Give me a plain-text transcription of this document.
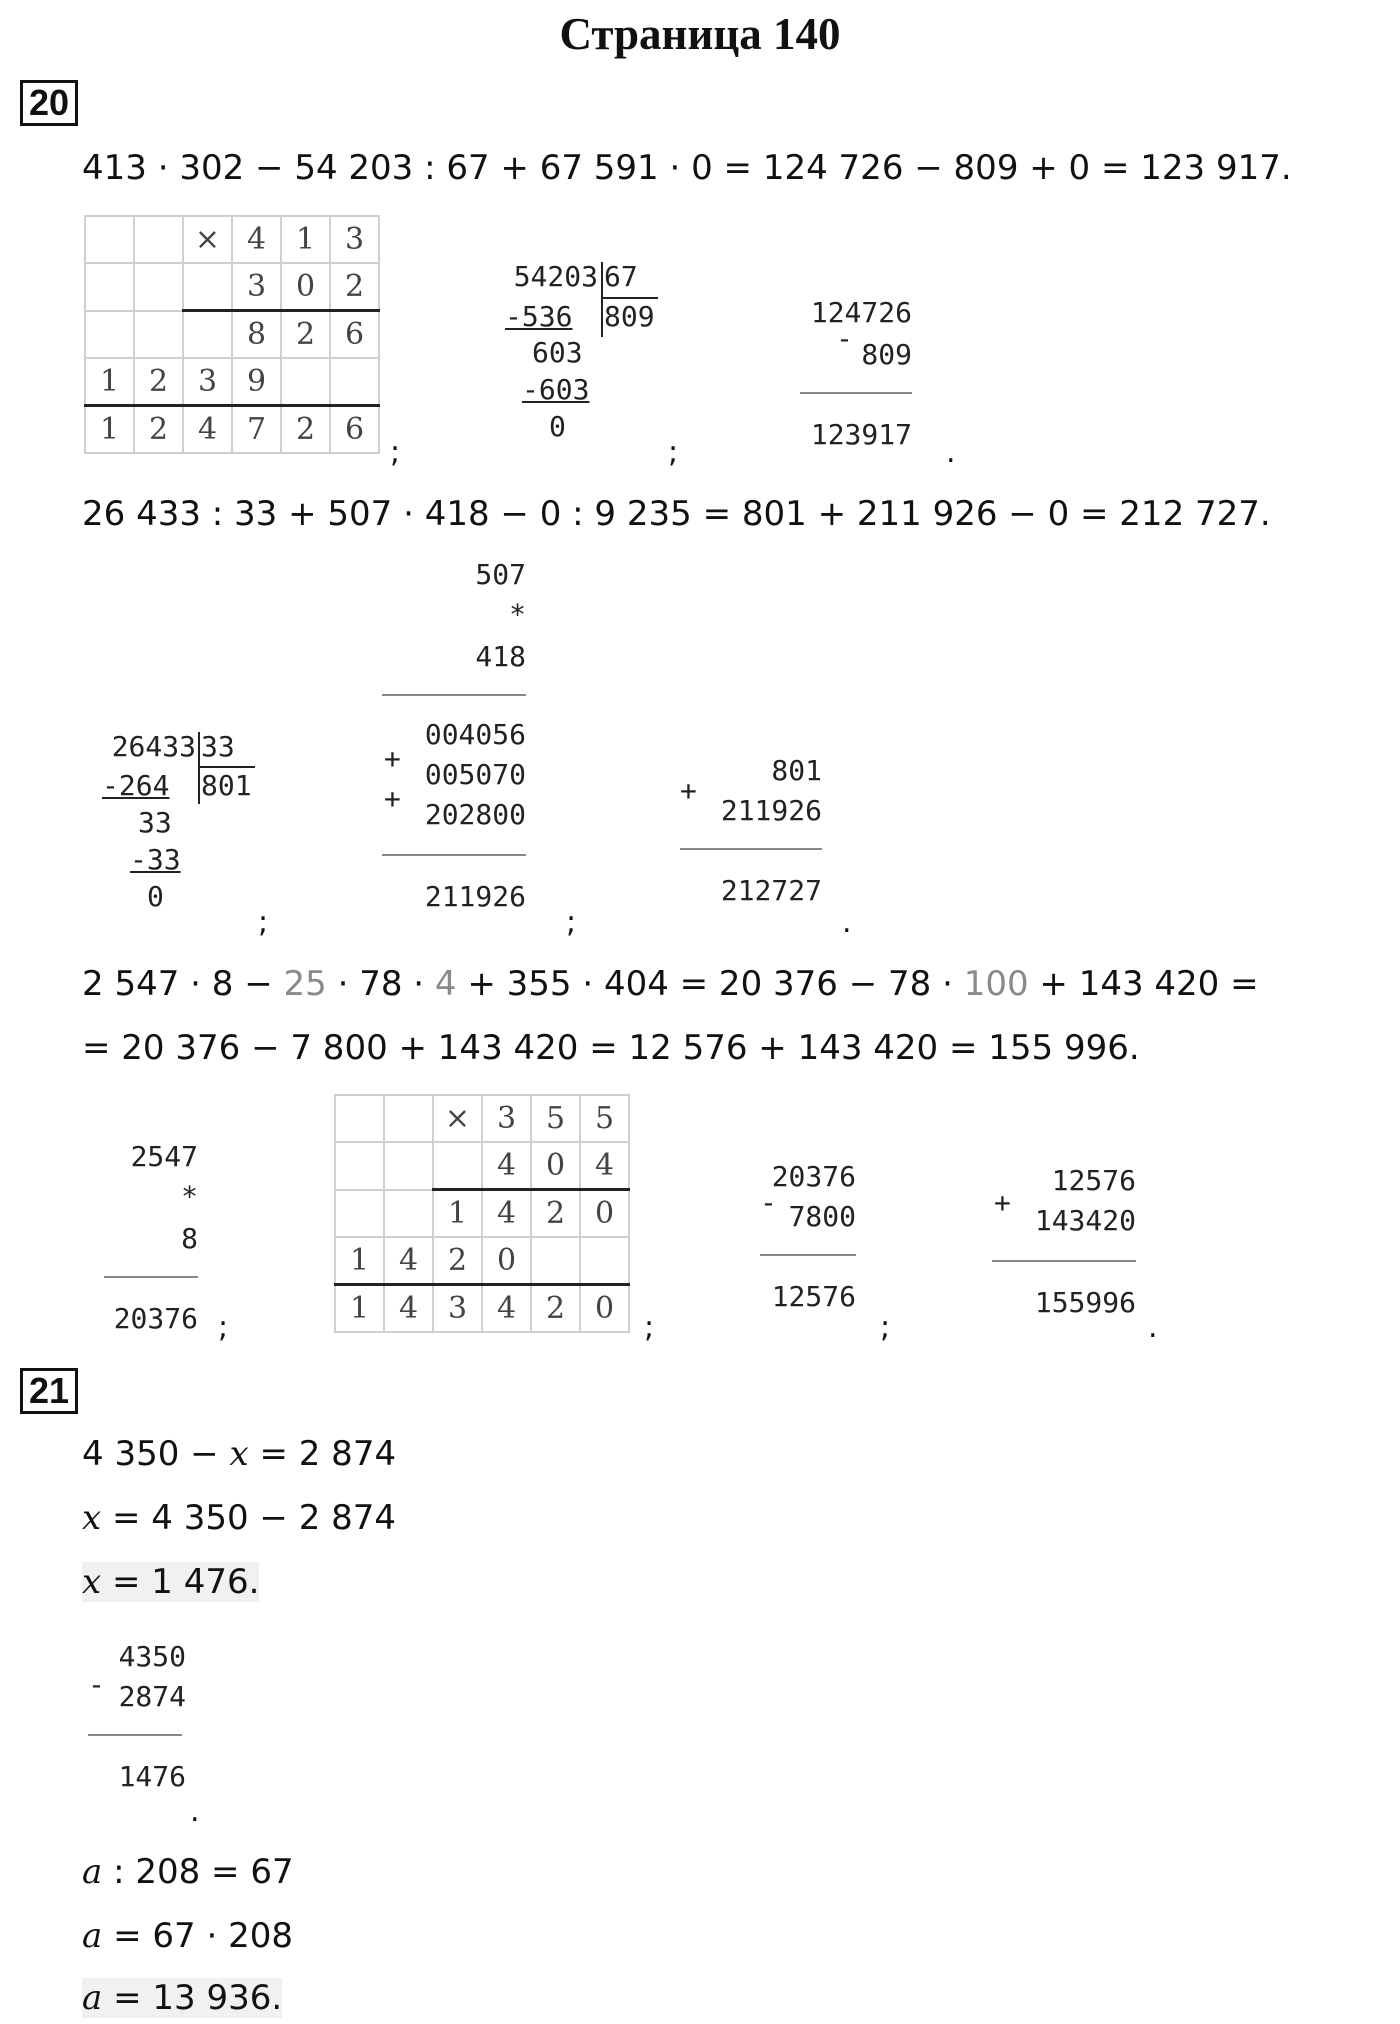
Страница 140
20
413 · 302 − 54 203 : 67 + 67 591 · 0 = 124 726 − 809 + 0 = 123 917.
		×	4	1	3
			3	0	2
			8	2	6
1	2	3	9		
1	2	4	7	2	6
;
54203 67
809
-536
603
-603
0
;
124726
- 809
123917
.
26 433 : 33 + 507 · 418 − 0 : 9 235 = 801 + 211 926 − 0 = 212 727.
26433 33
801
-264
33
-33
0
;
507
*
418
004056
+ 005070
+ 202800
211926
;
+
801
211926
212727
.
2 547 · 8 − 25 · 78 · 4 + 355 · 404 = 20 376 − 78 · 100 + 143 420 =
= 20 376 − 7 800 + 143 420 = 12 576 + 143 420 = 155 996.
2547
*
8
20376 ;
		×	3	5	5
			4	0	4
		1	4	2	0
1	4	2	0		
1	4	3	4	2	0
;
20376
- 7800
12576
;
+
12576
143420
155996
.
21
4 350 − x = 2 874
x = 4 350 − 2 874
x = 1 476.
-
4350
2874
1476
.
a : 208 = 67
a = 67 · 208
a = 13 936.
